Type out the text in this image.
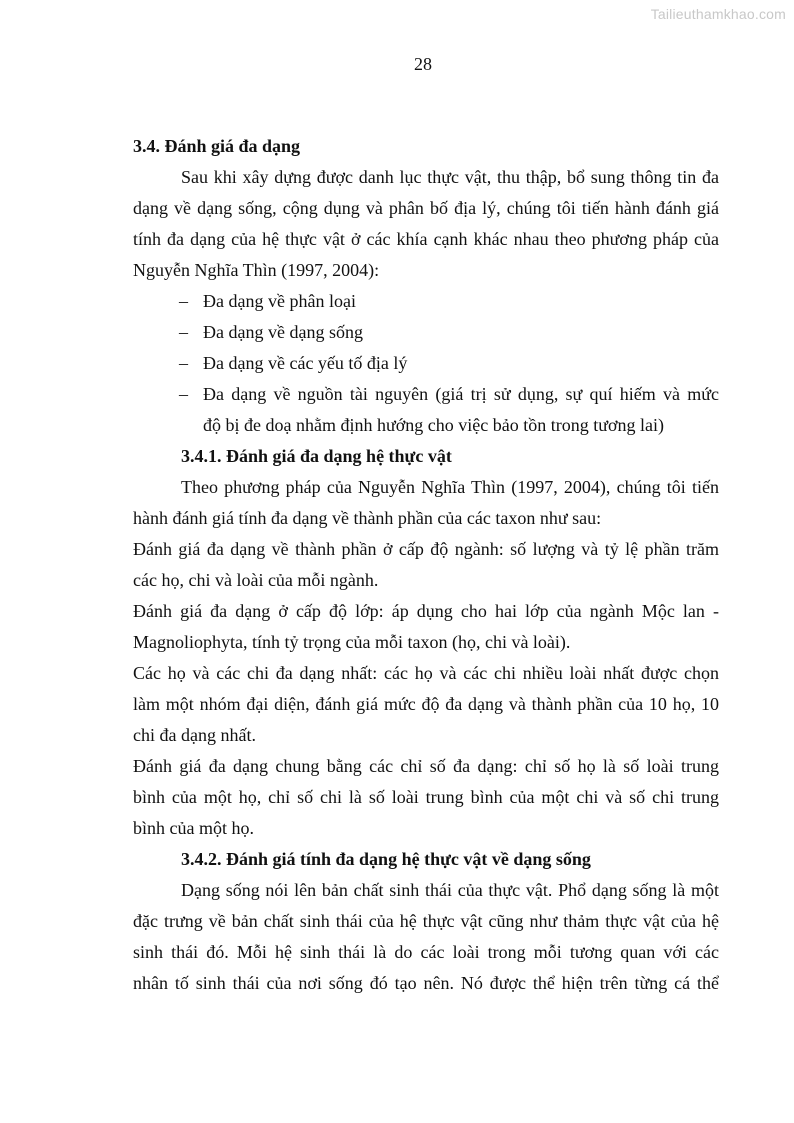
Tailieuthamkhao.com
28
3.4. Đánh giá đa dạng
Sau khi xây dựng được danh lục thực vật, thu thập, bổ sung thông tin đa
dạng về dạng sống, cộng dụng và phân bố địa lý, chúng tôi tiến hành đánh giá
tính đa dạng của hệ thực vật ở các khía cạnh khác nhau theo phương pháp của
Nguyễn Nghĩa Thìn (1997, 2004):
– Đa dạng về phân loại
– Đa dạng về dạng sống
– Đa dạng về các yếu tố địa lý
– Đa dạng về nguồn tài nguyên (giá trị sử dụng, sự quí hiếm và mức
độ bị đe doạ nhằm định hướng cho việc bảo tồn trong tương lai)
3.4.1. Đánh giá đa dạng hệ thực vật
Theo phương pháp của Nguyễn Nghĩa Thìn (1997, 2004), chúng tôi tiến
hành đánh giá tính đa dạng về thành phần của các taxon như sau:
Đánh giá đa dạng về thành phần ở cấp độ ngành: số lượng và tỷ lệ phần trăm
các họ, chi và loài của mỗi ngành.
Đánh giá đa dạng ở cấp độ lớp: áp dụng cho hai lớp của ngành Mộc lan -
Magnoliophyta, tính tỷ trọng của mỗi taxon (họ, chi và loài).
Các họ và các chi đa dạng nhất: các họ và các chi nhiều loài nhất được chọn
làm một nhóm đại diện, đánh giá mức độ đa dạng và thành phần của 10 họ, 10
chi đa dạng nhất.
Đánh giá đa dạng chung bằng các chỉ số đa dạng: chỉ số họ là số loài trung
bình của một họ, chỉ số chi là số loài trung bình của một chi và số chi trung
bình của một họ.
3.4.2. Đánh giá tính đa dạng hệ thực vật về dạng sống
Dạng sống nói lên bản chất sinh thái của thực vật. Phổ dạng sống là một
đặc trưng về bản chất sinh thái của hệ thực vật cũng như thảm thực vật của hệ
sinh thái đó. Mỗi hệ sinh thái là do các loài trong mỗi tương quan với các
nhân tố sinh thái của nơi sống đó tạo nên. Nó được thể hiện trên từng cá thể
